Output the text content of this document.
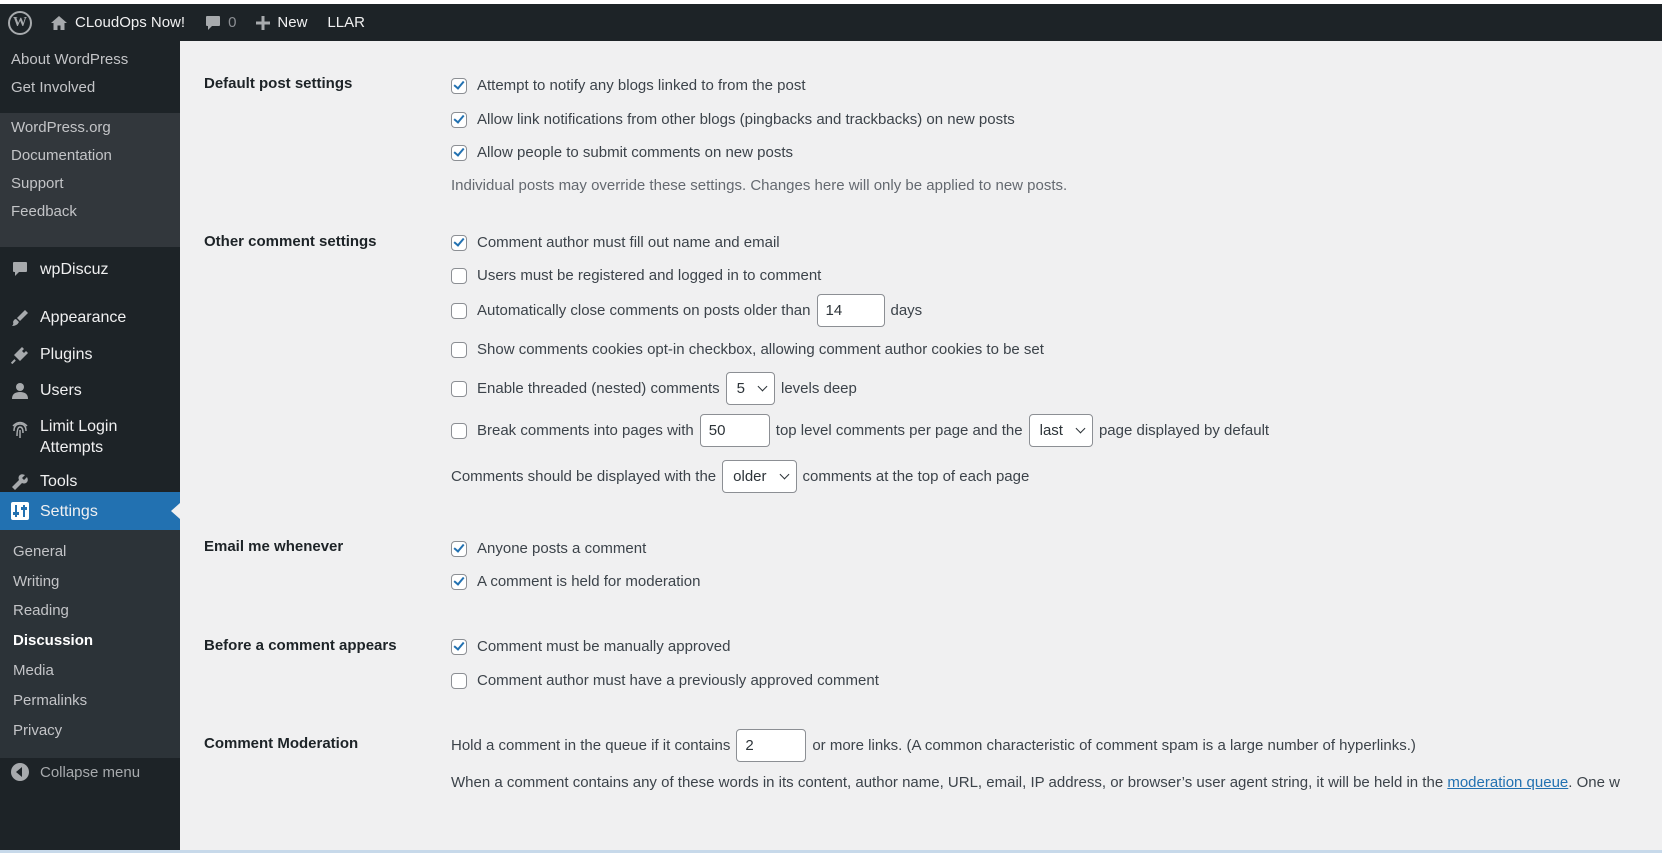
W	CLoudOps Now!	0	New LLAR
About WordPress
Get Involved
WordPress.org
Documentation
Support
Feedback
wpDiscuz
Appearance
Plugins
Users
Limit Login
Attempts
Tools
Settings
General
Writing
Reading
Discussion
Media
Permalinks
Privacy
Collapse menu
Default post settings	Attempt to notify any blogs linked to from the post
Allow link notifications from other blogs (pingbacks and trackbacks) on new posts
Allow people to submit comments on new posts
Individual posts may override these settings. Changes here will only be applied to new posts.
Other comment settings	Comment author must fill out name and email
Users must be registered and logged in to comment
Automatically close comments on posts older than	14	days
Show comments cookies opt-in checkbox, allowing comment author cookies to be set
Enable threaded (nested) comments 5 levels deep
Break comments into pages with	50	top level comments per page and the last page displayed by default
Comments should be displayed with the older comments at the top of each page
Email me whenever	Anyone posts a comment
A comment is held for moderation
Before a comment appears	Comment must be manually approved
Comment author must have a previously approved comment
Comment Moderation	Hold a comment in the queue if it contains	2	or more links. (A common characteristic of comment spam is a large number of hyperlinks.)
When a comment contains any of these words in its content, author name, URL, email, IP address, or browser’s user agent string, it will be held in the
moderation queue . One w
